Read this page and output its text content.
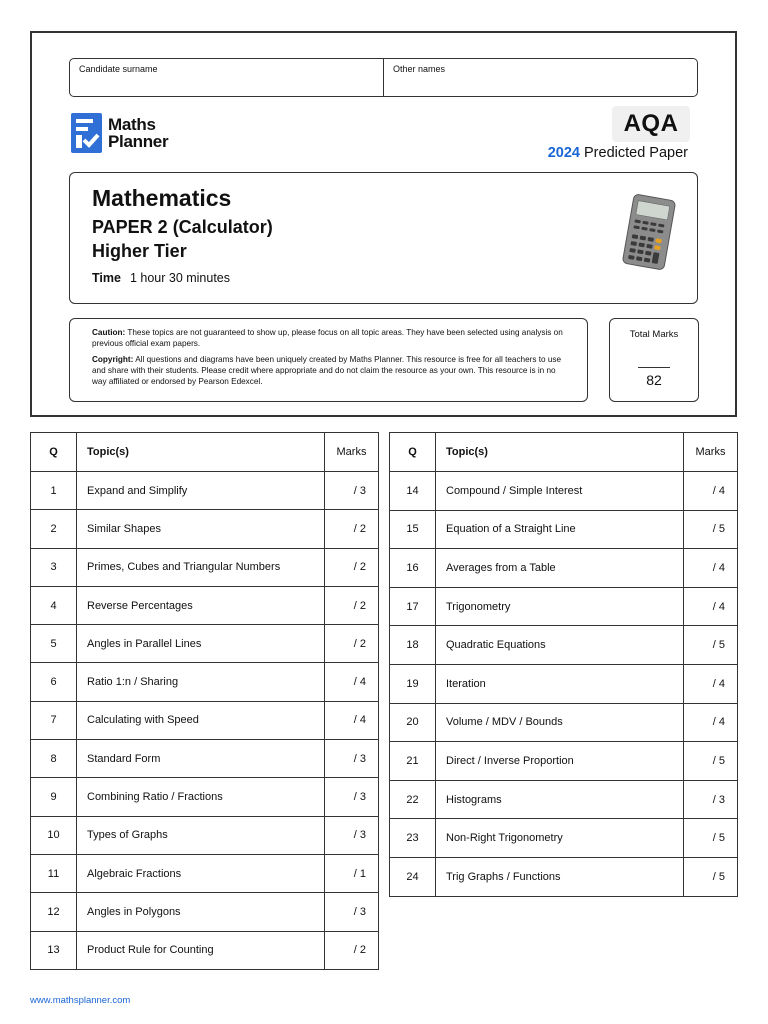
Candidate surname	Other names
Maths
Planner
AQA
2024 Predicted Paper
Mathematics
PAPER 2 (Calculator)
Higher Tier
Time 1 hour 30 minutes

Caution: These topics are not guaranteed to show up, please focus on all topic areas. They have been selected using analysis on previous official exam papers.

Copyright: All questions and diagrams have been uniquely created by Maths Planner. This resource is free for all teachers to use and share with their students. Please credit where appropriate and do not claim the resource as your own. This resource is in no way affiliated or endorsed by Pearson Edexcel.

Total Marks
82
Q	Topic(s)	Marks
1	Expand and Simplify	/ 3
2	Similar Shapes	/ 2
3	Primes, Cubes and Triangular Numbers	/ 2
4	Reverse Percentages	/ 2
5	Angles in Parallel Lines	/ 2
6	Ratio 1:n / Sharing	/ 4
7	Calculating with Speed	/ 4
8	Standard Form	/ 3
9	Combining Ratio / Fractions	/ 3
10	Types of Graphs	/ 3
11	Algebraic Fractions	/ 1
12	Angles in Polygons	/ 3
13	Product Rule for Counting	/ 2
Q	Topic(s)	Marks
14	Compound / Simple Interest	/ 4
15	Equation of a Straight Line	/ 5
16	Averages from a Table	/ 4
17	Trigonometry	/ 4
18	Quadratic Equations	/ 5
19	Iteration	/ 4
20	Volume / MDV / Bounds	/ 4
21	Direct / Inverse Proportion	/ 5
22	Histograms	/ 3
23	Non-Right Trigonometry	/ 5
24	Trig Graphs / Functions	/ 5
www.mathsplanner.com
